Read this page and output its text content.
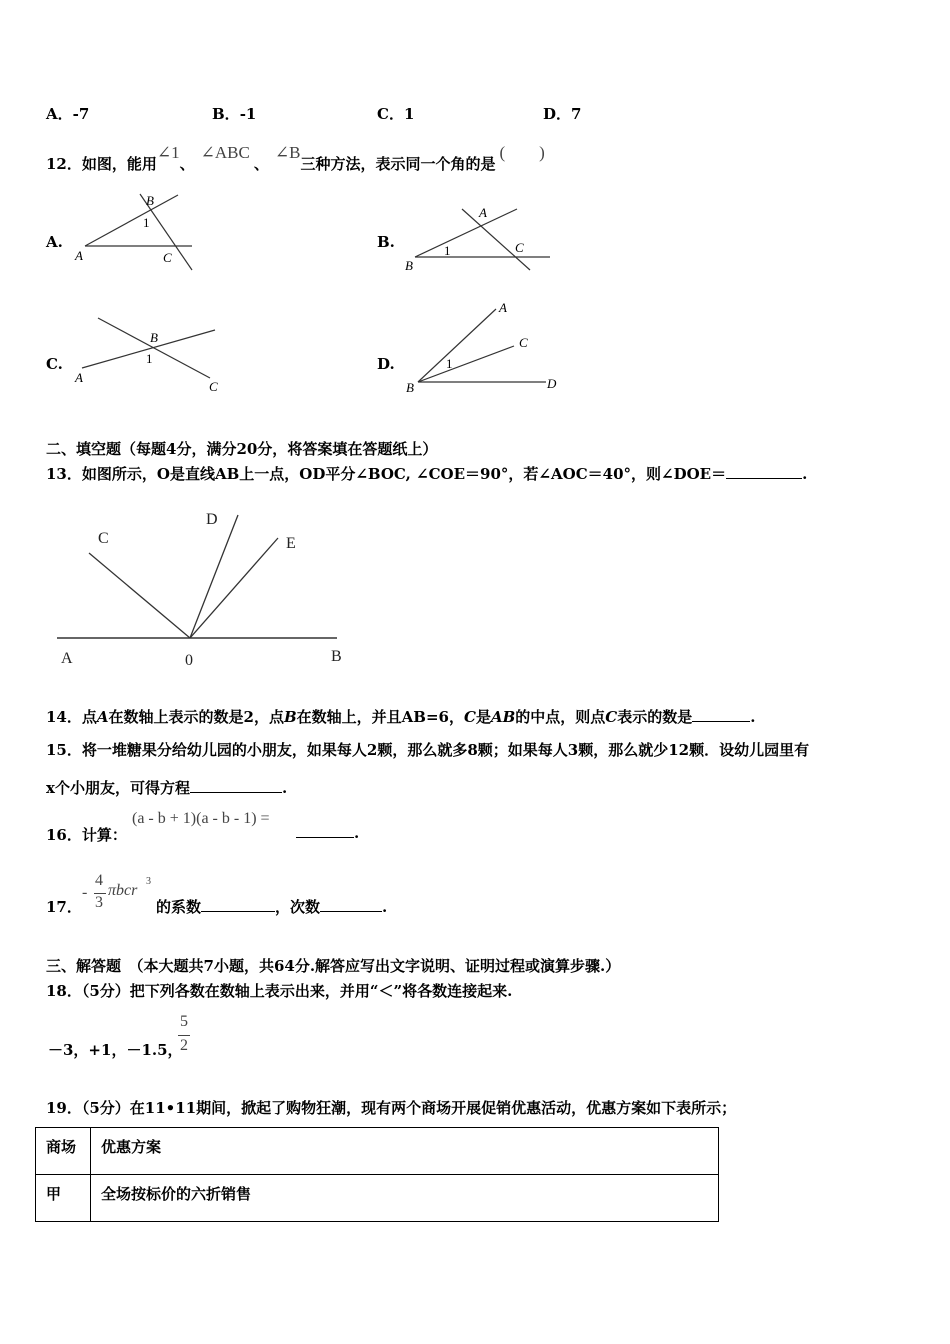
A．-7	B．-1	C．1	D．7
12．如图，能用∠1、∠ABC、∠B三种方法，表示同一个角的是(　　)
A.
B
1
A	C
B.
A
1	C
B
C.
B
1
A
C
D.
A
C
1
B	D
二、填空题（每题4分，满分20分，将答案填在答题纸上）
13．如图所示，O是直线AB上一点，OD平分∠BOC, ∠COE＝90°，若∠AOC＝40°，则∠DOE＝	.
C
D
E
A	0	B
14．点A在数轴上表示的数是2，点B在数轴上，并且AB=6，C是AB的中点，则点C表示的数是	.
15．将一堆糖果分给幼儿园的小朋友，如果每人2颗，那么就多8颗；如果每人3颗，那么就少12颗．设幼儿园里有
x个小朋友，可得方程	.
16．计算：
(a - b + 1)(a - b - 1) =
.
17．
-
4
3
πbcr
3
的系数	，次数	.
三、解答题　（本大题共7小题，共64分.解答应写出文字说明、证明过程或演算步骤.）
18．（5分）把下列各数在数轴上表示出来，并用“＜”将各数连接起来.
－3，+1，－1.5，
5
2
19．（5分）在11•11期间，掀起了购物狂潮，现有两个商场开展促销优惠活动，优惠方案如下表所示；
商场	优惠方案
甲	全场按标价的六折销售
